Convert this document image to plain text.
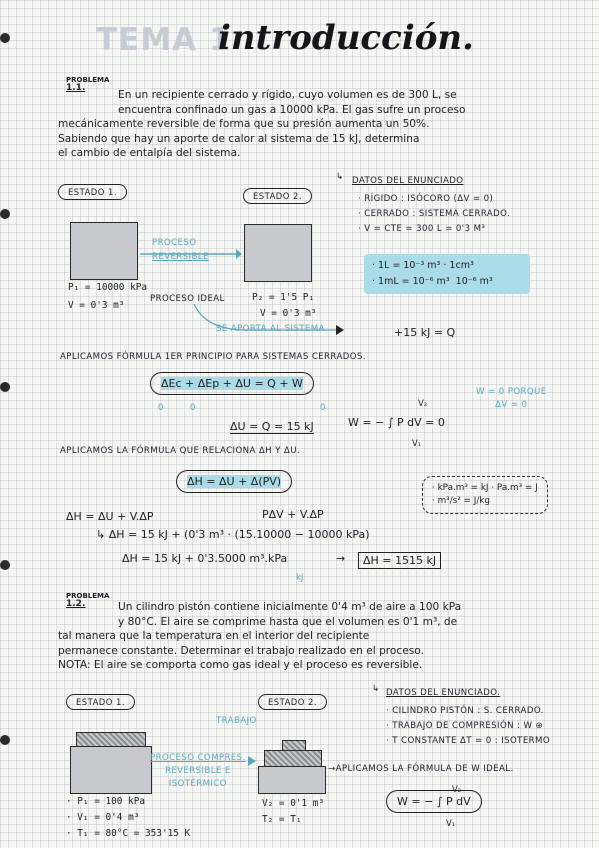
TEMA 1
introducción.
PROBLEMA
1.1.
En un recipiente cerrado y rígido, cuyo volumen es de 300 L, se
encuentra confinado un gas a 10000 kPa. El gas sufre un proceso
mecánicamente reversible de forma que su presión aumenta un 50%.
Sabiendo que hay un aporte de calor al sistema de 15 kJ, determina
el cambio de entalpía del sistema.
ESTADO 1.	ESTADO 2.
PROCESO
REVERSIBLE
P₁ = 10000 kPa
V = 0'3 m³
PROCESO IDEAL	P₂ = 1'5 P₁
V = 0'3 m³
↳ DATOS DEL ENUNCIADO
· RÍGIDO : ISÓCORO (ΔV = 0)
· CERRADO : SISTEMA CERRADO.
· V = CTE = 300 L = 0'3 M³
· 1L = 10⁻³ m³ · 1cm³
· 1mL = 10⁻⁶ m³  10⁻⁶ m³
SE APORTA AL SISTEMA	+15 kJ = Q
APLICAMOS FÓRMULA 1ER PRINCIPIO PARA SISTEMAS CERRADOS.
ΔEc + ΔEp + ΔU = Q + W
0	0	0
ΔU = Q = 15 kJ	W = − ∫ P dV = 0
V₂
V₁
W = 0 PORQUE
ΔV = 0
APLICAMOS LA FÓRMULA QUE RELACIONA ΔH Y ΔU.
ΔH = ΔU + Δ(PV)
ΔH = ΔU + V.ΔP	PΔV + V.ΔP
↳ ΔH = 15 kJ + (0'3 m³ · (15.10000 − 10000 kPa)
ΔH = 15 kJ + 0'3.5000 m³.kPa
kJ
→	ΔH = 1515 kJ
· kPa.m³ = kJ · Pa.m³ = J
· m³/s² = J/kg
PROBLEMA
1.2.	Un cilindro pistón contiene inicialmente 0'4 m³ de aire a 100 kPa
y 80°C. El aire se comprime hasta que el volumen es 0'1 m³, de
tal manera que la temperatura en el interior del recipiente
permanece constante. Determinar el trabajo realizado en el proceso.
NOTA: El aire se comporta como gas ideal y el proceso es reversible.
ESTADO 1.	ESTADO 2.
TRABAJO
PROCESO COMPRES.
REVERSIBLE E
ISOTÉRMICO
· P₁ = 100 kPa
· V₁ = 0'4 m³
· T₁ = 80°C = 353'15 K
V₂ = 0'1 m³
T₂ = T₁
↳ DATOS DEL ENUNCIADO.
· CILINDRO PISTÓN : S. CERRADO.
· TRABAJO DE COMPRESIÓN : W ⊕
· T CONSTANTE ΔT = 0 : ISOTERMO
→APLICAMOS LA FÓRMULA DE W IDEAL.
W = − ∫ P dV
V₂
V₁
